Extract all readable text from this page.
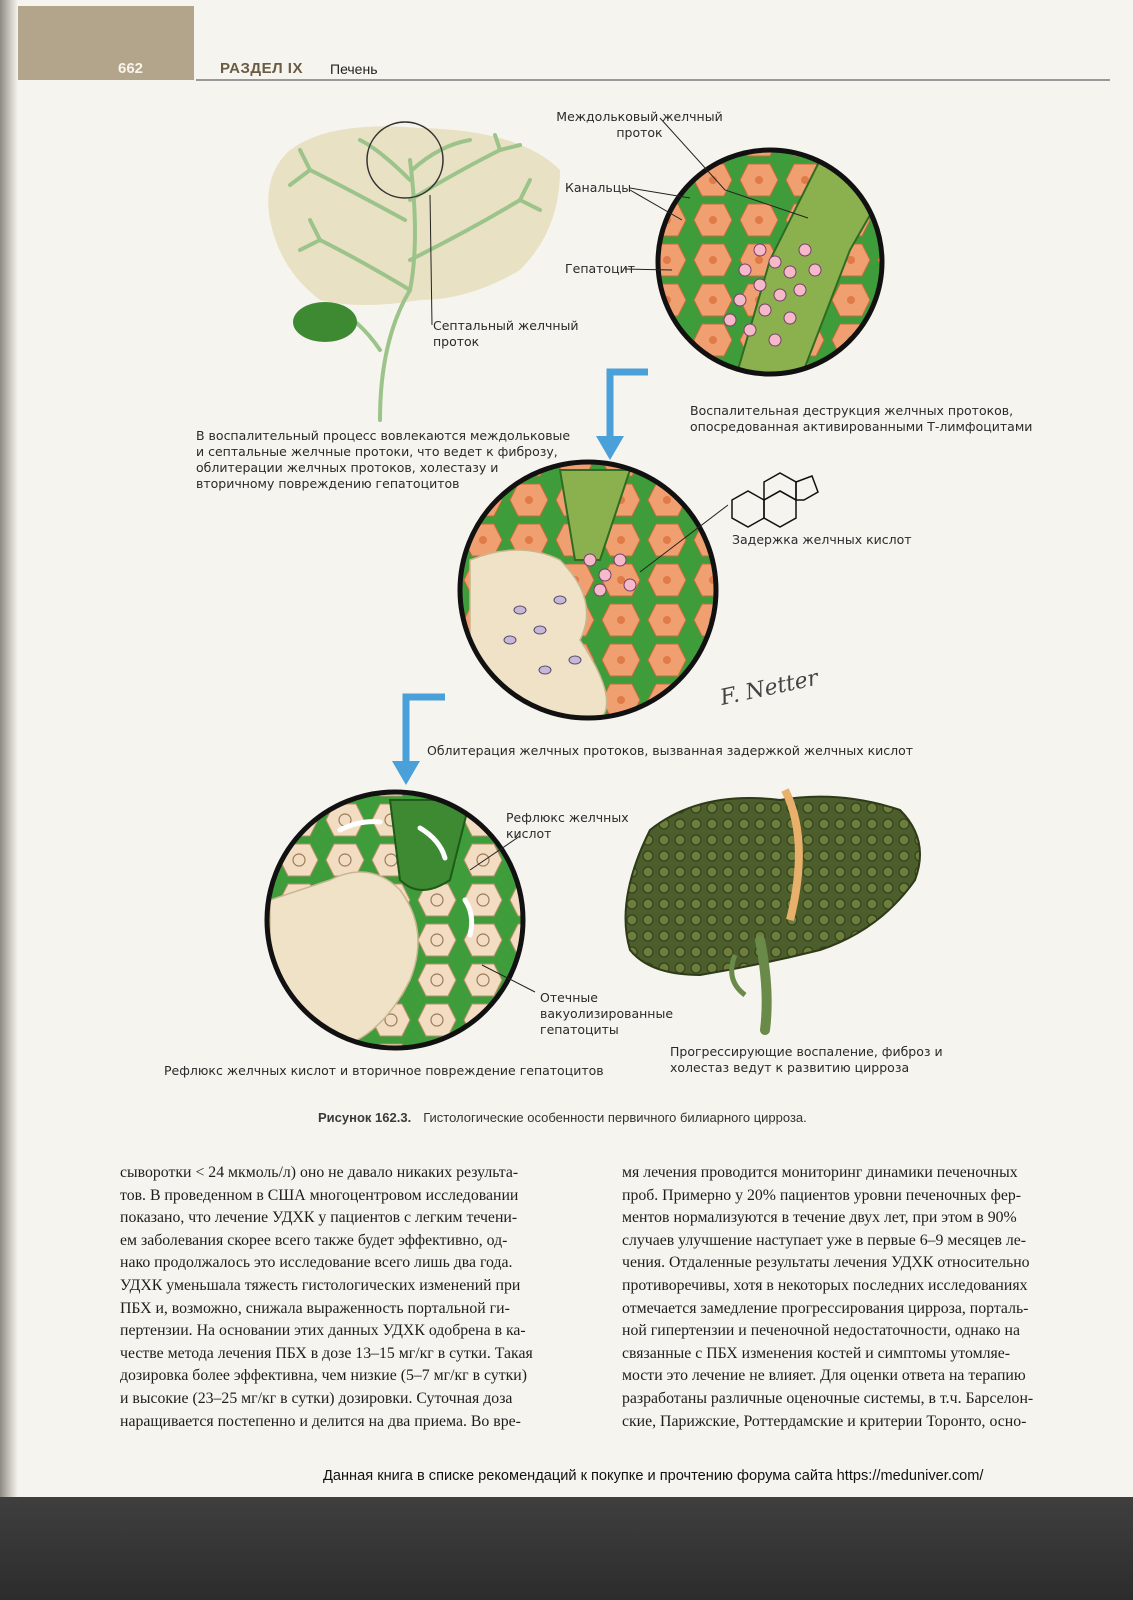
662	РАЗДЕЛ IX Печень
F. Netter
Междольковый желчный проток
Канальцы
Гепатоцит
Септальный желчный проток
В воспалительный процесс вовлекаются междольковые и септальные желчные протоки, что ведет к фиброзу, облитерации желчных протоков, холестазу и вторичному повреждению гепатоцитов
Воспалительная деструкция желчных протоков, опосредованная активированными Т-лимфоцитами
Задержка желчных кислот
Облитерация желчных протоков, вызванная задержкой желчных кислот
Рефлюкс желчных кислот
Отечные вакуолизированные гепатоциты
Рефлюкс желчных кислот и вторичное повреждение гепатоцитов
Прогрессирующие воспаление, фиброз и холестаз ведут к развитию цирроза
Рисунок 162.3. Гистологические особенности первичного билиарного цирроза.
сыворотки < 24 мкмоль/л) оно не давало никаких результа-
тов. В проведенном в США многоцентровом исследовании
показано, что лечение УДХК у пациентов с легким течени-
ем заболевания скорее всего также будет эффективно, од-
нако продолжалось это исследование всего лишь два года.
УДХК уменьшала тяжесть гистологических изменений при
ПБХ и, возможно, снижала выраженность портальной ги-
пертензии. На основании этих данных УДХК одобрена в ка-
честве метода лечения ПБХ в дозе 13–15 мг/кг в сутки. Такая
дозировка более эффективна, чем низкие (5–7 мг/кг в сутки)
и высокие (23–25 мг/кг в сутки) дозировки. Суточная доза
наращивается постепенно и делится на два приема. Во вре-
мя лечения проводится мониторинг динамики печеночных
проб. Примерно у 20% пациентов уровни печеночных фер-
ментов нормализуются в течение двух лет, при этом в 90%
случаев улучшение наступает уже в первые 6–9 месяцев ле-
чения. Отдаленные результаты лечения УДХК относительно
противоречивы, хотя в некоторых последних исследованиях
отмечается замедление прогрессирования цирроза, порталь-
ной гипертензии и печеночной недостаточности, однако на
связанные с ПБХ изменения костей и симптомы утомляе-
мости это лечение не влияет. Для оценки ответа на терапию
разработаны различные оценочные системы, в т.ч. Барселон-
ские, Парижские, Роттердамские и критерии Торонто, осно-
Данная книга в списке рекомендаций к покупке и прочтению форума сайта https://meduniver.com/
